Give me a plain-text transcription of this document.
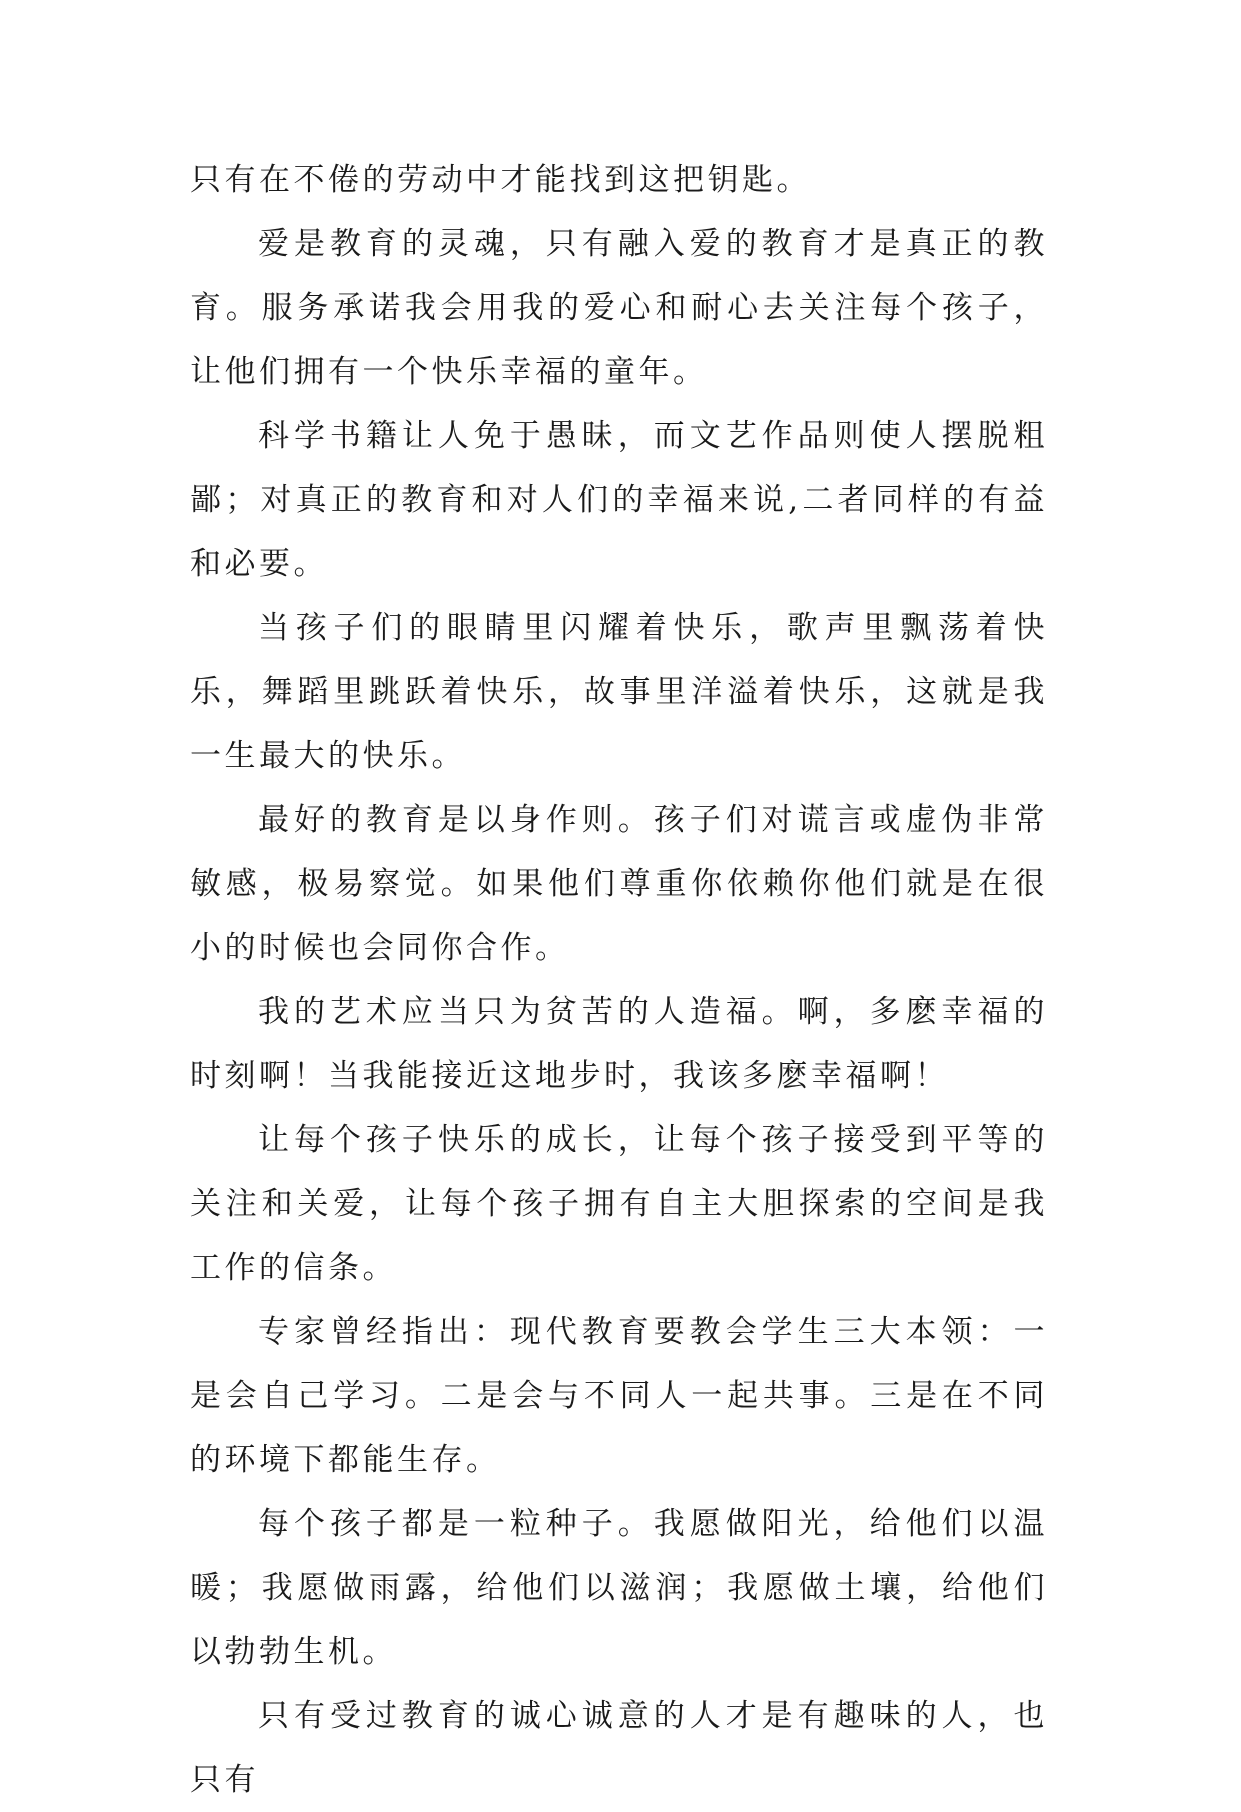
只有在不倦的劳动中才能找到这把钥匙。

爱是教育的灵魂，只有融入爱的教育才是真正的教育。服务承诺我会用我的爱心和耐心去关注每个孩子，让他们拥有一个快乐幸福的童年。

科学书籍让人免于愚昧，而文艺作品则使人摆脱粗鄙；对真正的教育和对人们的幸福来说,二者同样的有益和必要。

当孩子们的眼睛里闪耀着快乐，歌声里飘荡着快乐，舞蹈里跳跃着快乐，故事里洋溢着快乐，这就是我一生最大的快乐。

最好的教育是以身作则。孩子们对谎言或虚伪非常敏感，极易察觉。如果他们尊重你依赖你他们就是在很小的时候也会同你合作。

我的艺术应当只为贫苦的人造福。啊，多麽幸福的时刻啊！当我能接近这地步时，我该多麽幸福啊！

让每个孩子快乐的成长，让每个孩子接受到平等的关注和关爱，让每个孩子拥有自主大胆探索的空间是我工作的信条。

专家曾经指出：现代教育要教会学生三大本领：一是会自己学习。二是会与不同人一起共事。三是在不同的环境下都能生存。

每个孩子都是一粒种子。我愿做阳光，给他们以温暖；我愿做雨露，给他们以滋润；我愿做土壤，给他们以勃勃生机。

只有受过教育的诚心诚意的人才是有趣味的人，也只有
